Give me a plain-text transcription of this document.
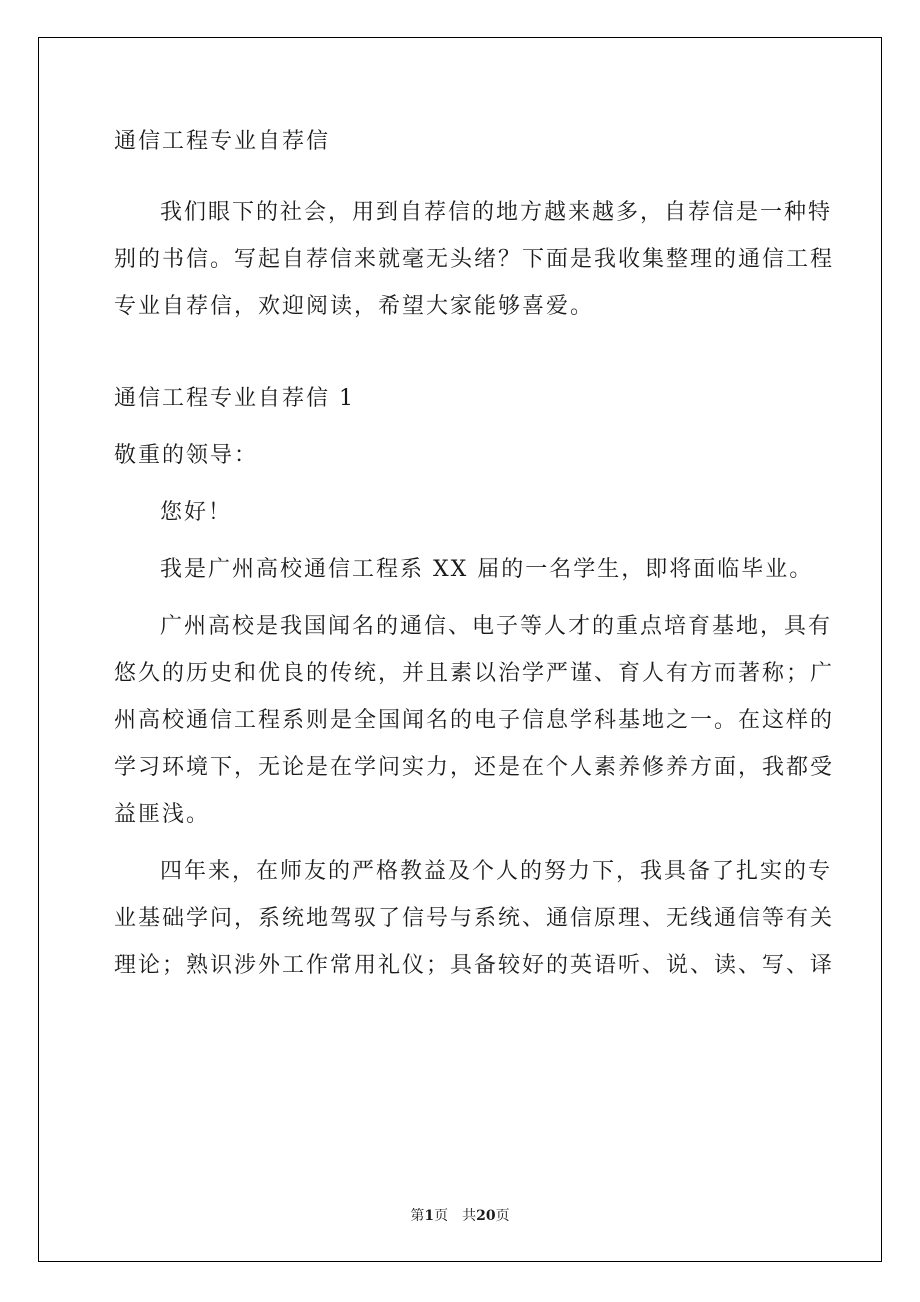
通信工程专业自荐信
我们眼下的社会，用到自荐信的地方越来越多，自荐信是一种特
别的书信。写起自荐信来就毫无头绪？下面是我收集整理的通信工程
专业自荐信，欢迎阅读，希望大家能够喜爱。
通信工程专业自荐信 1
敬重的领导：
您好！
我是广州高校通信工程系 XX 届的一名学生，即将面临毕业。
广州高校是我国闻名的通信、电子等人才的重点培育基地，具有
悠久的历史和优良的传统，并且素以治学严谨、育人有方而著称；广
州高校通信工程系则是全国闻名的电子信息学科基地之一。在这样的
学习环境下，无论是在学问实力，还是在个人素养修养方面，我都受
益匪浅。
四年来，在师友的严格教益及个人的努力下，我具备了扎实的专
业基础学问，系统地驾驭了信号与系统、通信原理、无线通信等有关
理论；熟识涉外工作常用礼仪；具备较好的英语听、说、读、写、译
第1页　共20页
